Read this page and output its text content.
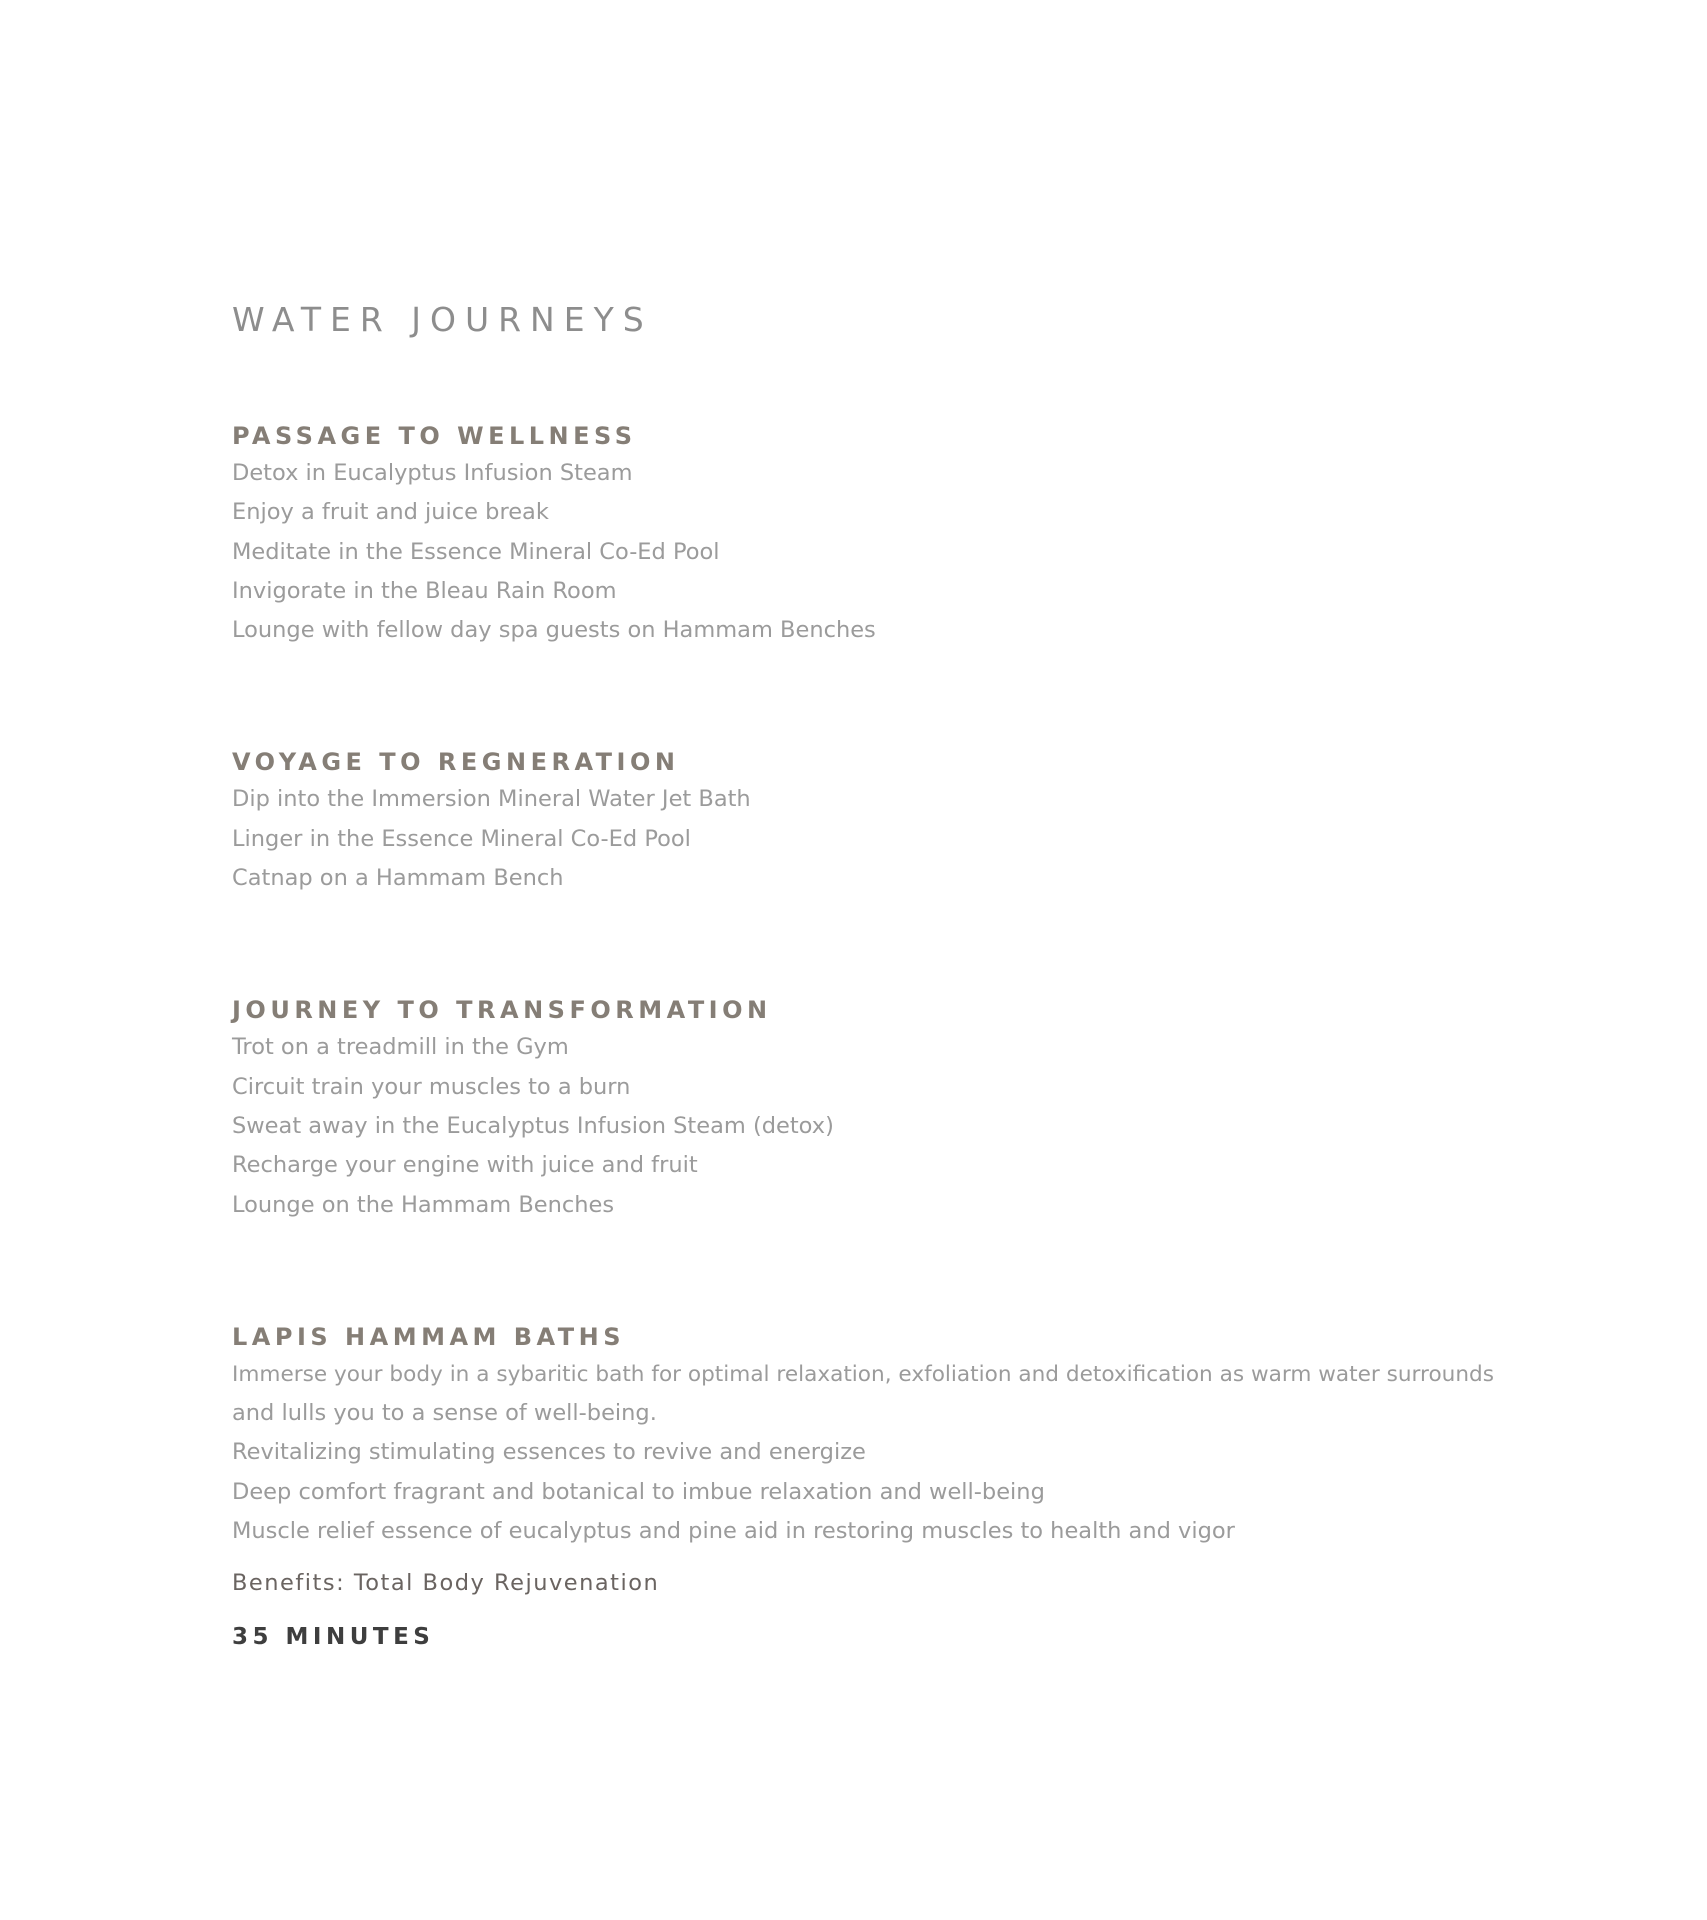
WATER JOURNEYS
PASSAGE TO WELLNESS

Detox in Eucalyptus Infusion Steam

Enjoy a fruit and juice break

Meditate in the Essence Mineral Co-Ed Pool

Invigorate in the Bleau Rain Room

Lounge with fellow day spa guests on Hammam Benches

VOYAGE TO REGNERATION

Dip into the Immersion Mineral Water Jet Bath

Linger in the Essence Mineral Co-Ed Pool

Catnap on a Hammam Bench

JOURNEY TO TRANSFORMATION

Trot on a treadmill in the Gym

Circuit train your muscles to a burn

Sweat away in the Eucalyptus Infusion Steam (detox)

Recharge your engine with juice and fruit

Lounge on the Hammam Benches

LAPIS HAMMAM BATHS

Immerse your body in a sybaritic bath for optimal relaxation, exfoliation and detoxification as warm water surrounds

and lulls you to a sense of well-being.

Revitalizing stimulating essences to revive and energize

Deep comfort fragrant and botanical to imbue relaxation and well-being

Muscle relief essence of eucalyptus and pine aid in restoring muscles to health and vigor

Benefits: Total Body Rejuvenation

35 MINUTES
